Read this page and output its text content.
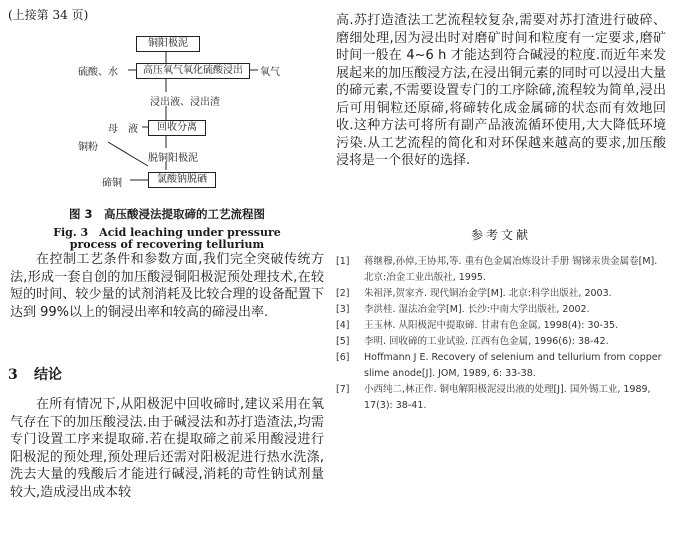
(上接第 34 页)
铜阳极泥
硫酸、水	高压氧气氧化硫酸浸出	氧气
浸出液、浸出渣
母　液	回收分离
铜粉
脱铜阳极泥
碲铜	氯酸钠脱硒
图 3　高压酸浸法提取碲的工艺流程图
Fig. 3　Acid leaching under pressure
process of recovering tellurium
在控制工艺条件和参数方面,我们完全突破传统方法,形成一套自创的加压酸浸铜阳极泥预处理技术,在较短的时间、较少量的试剂消耗及比较合理的设备配置下达到 99%以上的铜浸出率和较高的碲浸出率.
3 结论
在所有情况下,从阳极泥中回收碲时,建议采用在氧气存在下的加压酸浸法.由于碱浸法和苏打造渣法,均需专门设置工序来提取碲.若在提取碲之前采用酸浸进行阳极泥的预处理,预处理后还需对阳极泥进行热水洗涤,洗去大量的残酸后才能进行碱浸,消耗的苛性钠试剂量较大,造成浸出成本较
高.苏打造渣法工艺流程较复杂,需要对苏打渣进行破碎、磨细处理,因为浸出时对磨矿时间和粒度有一定要求,磨矿时间一般在 4~6 h 才能达到符合碱浸的粒度.而近年来发展起来的加压酸浸方法,在浸出铜元素的同时可以浸出大量的碲元素,不需要设置专门的工序除碲,流程较为简单,浸出后可用铜粒还原碲,将碲转化成金属碲的状态而有效地回收.这种方法可将所有副产品液流循环使用,大大降低环境污染.从工艺流程的简化和对环保越来越高的要求,加压酸浸将是一个很好的选择.
参考文献
[1] 蒋继穆,孙倬,王协邦,等. 重有色金属冶炼设计手册 锡锑汞贵金属卷[M]. 北京:冶金工业出版社, 1995.
[2] 朱祖泽,贺家齐. 现代铜冶金学[M]. 北京:科学出版社, 2003.
[3] 李洪桂. 湿法冶金学[M]. 长沙:中南大学出版社, 2002.
[4] 王玉林. 从阳极泥中提取碲. 甘肃有色金属, 1998(4): 30-35.
[5] 李明. 回收碲的工业试验. 江西有色金属, 1996(6): 38-42.
[6] Hoffmann J E. Recovery of selenium and tellurium from copper slime anode[J]. JOM, 1989, 6: 33-38.
[7] 小西纯二,林正作. 铜电解阳极泥浸出液的处理[J]. 国外锡工业, 1989, 17(3): 38-41.
